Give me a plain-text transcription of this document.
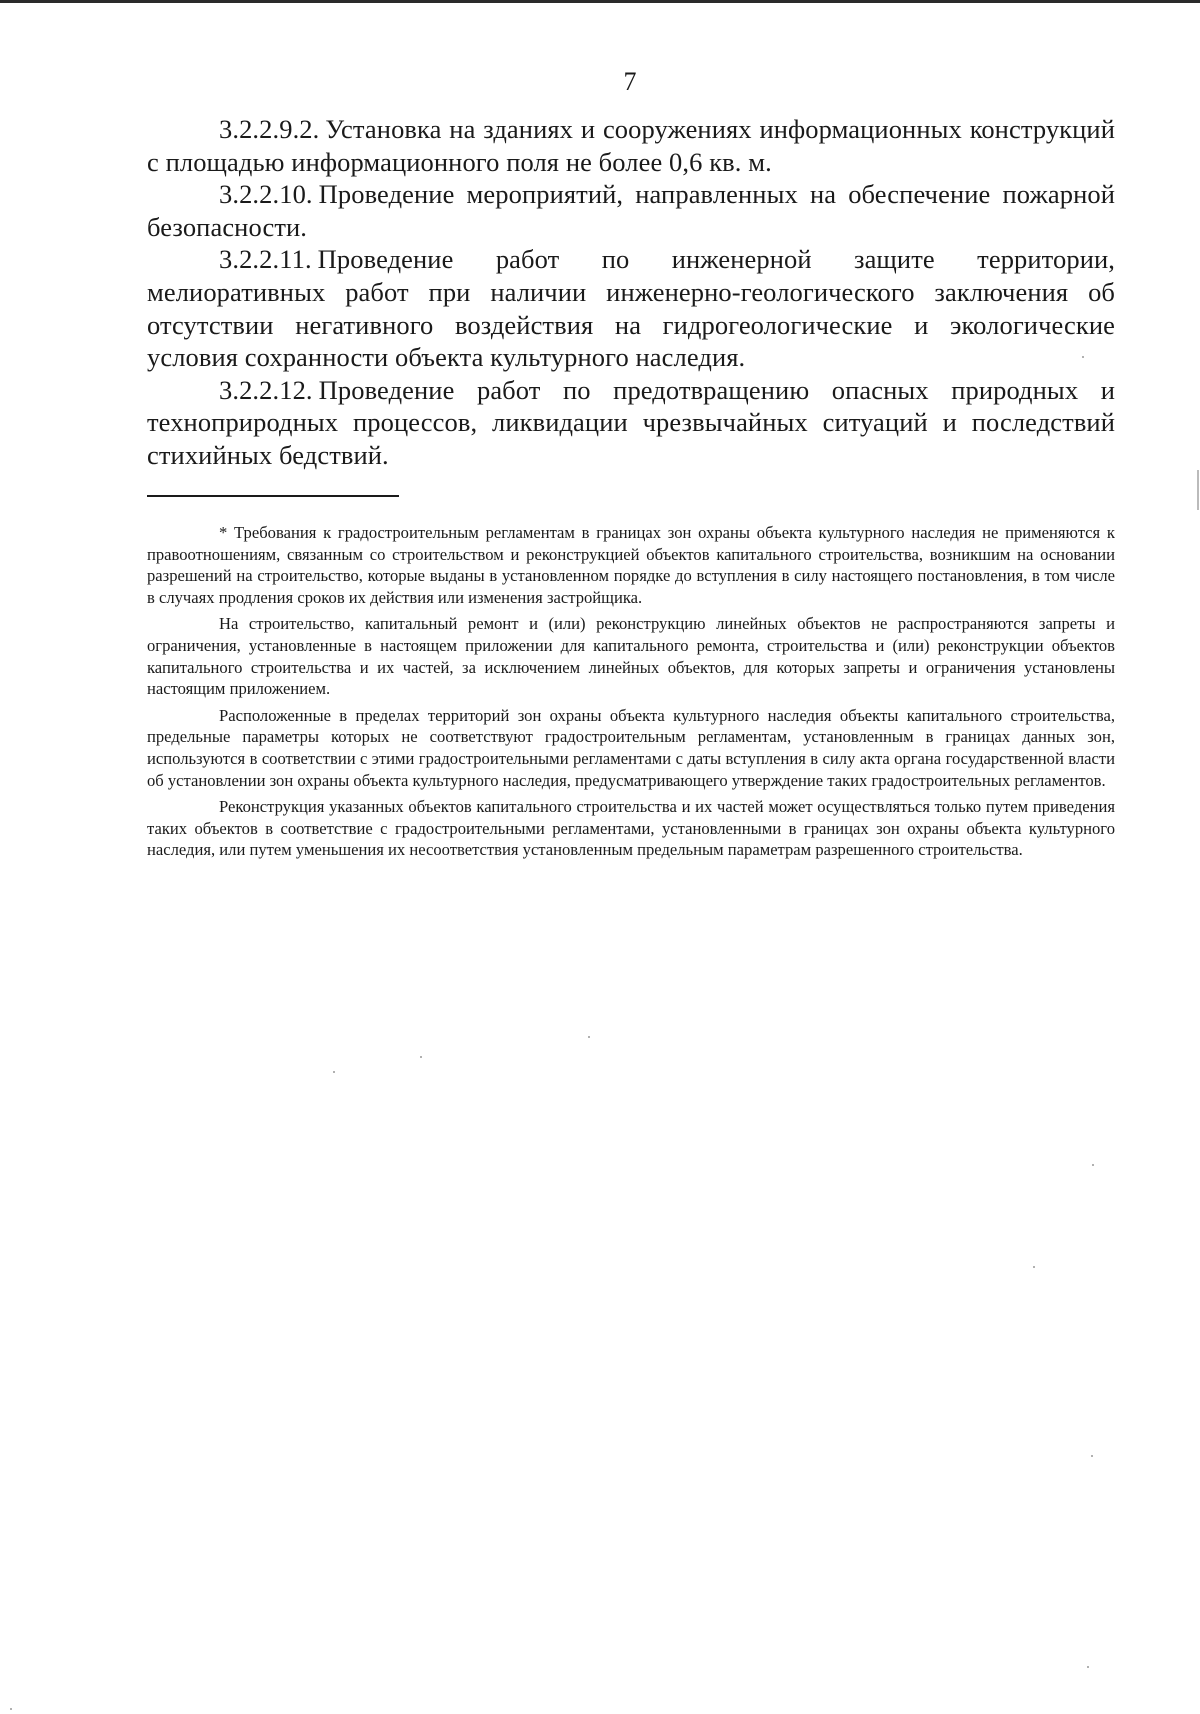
7

3.2.2.9.2. Установка на зданиях и сооружениях информационных конструкций с площадью информационного поля не более 0,6 кв. м.

3.2.2.10. Проведение мероприятий, направленных на обеспечение пожарной безопасности.

3.2.2.11. Проведение работ по инженерной защите территории, мелиоративных работ при наличии инженерно-геологического заключения об отсутствии негативного воздействия на гидрогеологические и экологические условия сохранности объекта культурного наследия.

3.2.2.12. Проведение работ по предотвращению опасных природных и технoприродных процессов, ликвидации чрезвычайных ситуаций и последствий стихийных бедствий.

* Требования к градостроительным регламентам в границах зон охраны объекта культурного наследия не применяются к правоотношениям, связанным со строительством и реконструкцией объектов капитального строительства, возникшим на основании разрешений на строительство, которые выданы в установленном порядке до вступления в силу настоящего постановления, в том числе в случаях продления сроков их действия или изменения застройщика.

На строительство, капитальный ремонт и (или) реконструкцию линейных объектов не распространяются запреты и ограничения, установленные в настоящем приложении для капитального ремонта, строительства и (или) реконструкции объектов капитального строительства и их частей, за исключением линейных объектов, для которых запреты и ограничения установлены настоящим приложением.

Расположенные в пределах территорий зон охраны объекта культурного наследия объекты капитального строительства, предельные параметры которых не соответствуют градостроительным регламентам, установленным в границах данных зон, используются в соответствии с этими градостроительными регламентами с даты вступления в силу акта органа государственной власти об установлении зон охраны объекта культурного наследия, предусматривающего утверждение таких градостроительных регламентов.

Реконструкция указанных объектов капитального строительства и их частей может осуществляться только путем приведения таких объектов в соответствие с градостроительными регламентами, установленными в границах зон охраны объекта культурного наследия, или путем уменьшения их несоответствия установленным предельным параметрам разрешенного строительства.
